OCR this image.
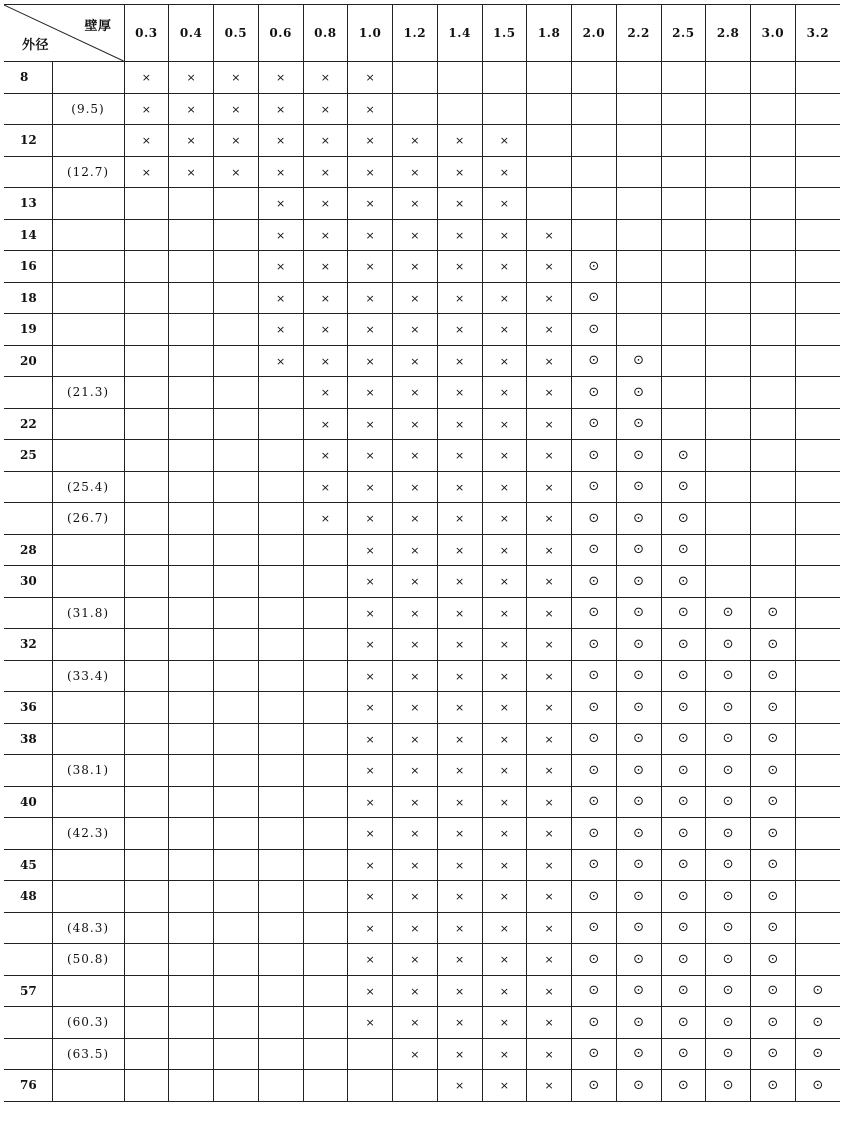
壁厚
外径		0.3	0.4	0.5	0.6	0.8	1.0	1.2	1.4	1.5	1.8	2.0	2.2	2.5	2.8	3.0	3.2
8		×	×	×	×	×	×										
	(9.5)	×	×	×	×	×	×										
12		×	×	×	×	×	×	×	×	×							
	(12.7)	×	×	×	×	×	×	×	×	×							
13					×	×	×	×	×	×							
14					×	×	×	×	×	×	×						
16					×	×	×	×	×	×	×	⊙					
18					×	×	×	×	×	×	×	⊙					
19					×	×	×	×	×	×	×	⊙					
20					×	×	×	×	×	×	×	⊙	⊙				
	(21.3)					×	×	×	×	×	×	⊙	⊙				
22						×	×	×	×	×	×	⊙	⊙				
25						×	×	×	×	×	×	⊙	⊙	⊙			
	(25.4)					×	×	×	×	×	×	⊙	⊙	⊙			
	(26.7)					×	×	×	×	×	×	⊙	⊙	⊙			
28							×	×	×	×	×	⊙	⊙	⊙			
30							×	×	×	×	×	⊙	⊙	⊙			
	(31.8)						×	×	×	×	×	⊙	⊙	⊙	⊙	⊙	
32							×	×	×	×	×	⊙	⊙	⊙	⊙	⊙	
	(33.4)						×	×	×	×	×	⊙	⊙	⊙	⊙	⊙	
36							×	×	×	×	×	⊙	⊙	⊙	⊙	⊙	
38							×	×	×	×	×	⊙	⊙	⊙	⊙	⊙	
	(38.1)						×	×	×	×	×	⊙	⊙	⊙	⊙	⊙	
40							×	×	×	×	×	⊙	⊙	⊙	⊙	⊙	
	(42.3)						×	×	×	×	×	⊙	⊙	⊙	⊙	⊙	
45							×	×	×	×	×	⊙	⊙	⊙	⊙	⊙	
48							×	×	×	×	×	⊙	⊙	⊙	⊙	⊙	
	(48.3)						×	×	×	×	×	⊙	⊙	⊙	⊙	⊙	
	(50.8)						×	×	×	×	×	⊙	⊙	⊙	⊙	⊙	
57							×	×	×	×	×	⊙	⊙	⊙	⊙	⊙	⊙
	(60.3)						×	×	×	×	×	⊙	⊙	⊙	⊙	⊙	⊙
	(63.5)							×	×	×	×	⊙	⊙	⊙	⊙	⊙	⊙
76									×	×	×	⊙	⊙	⊙	⊙	⊙	⊙
